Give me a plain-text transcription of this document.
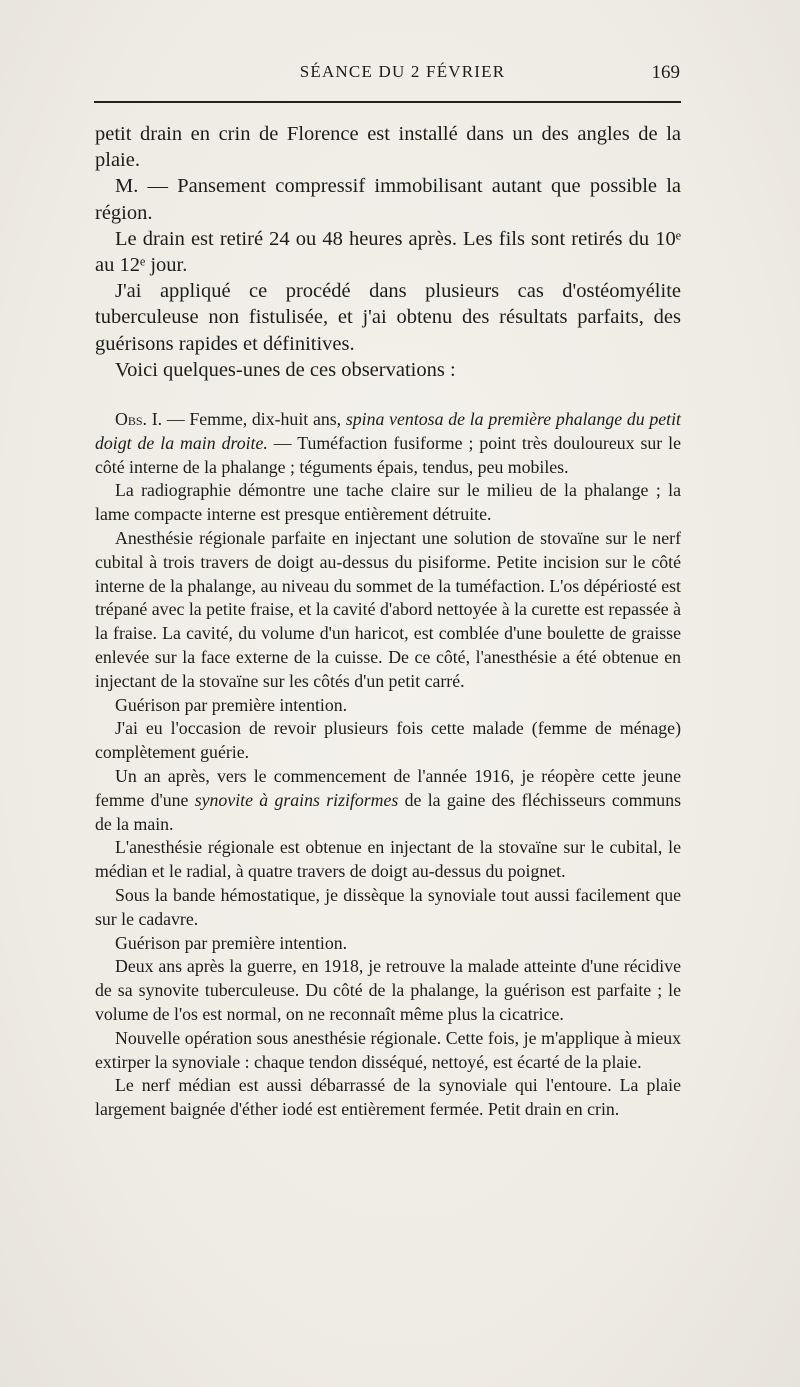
SÉANCE DU 2 FÉVRIER	169

petit drain en crin de Florence est installé dans un des angles de la plaie.

M. — Pansement compressif immobilisant autant que possible la région.

Le drain est retiré 24 ou 48 heures après. Les fils sont retirés du 10ᵉ au 12ᵉ jour.

J'ai appliqué ce procédé dans plusieurs cas d'ostéomyélite tuberculeuse non fistulisée, et j'ai obtenu des résultats parfaits, des guérisons rapides et définitives.

Voici quelques-unes de ces observations :

Obs. I. — Femme, dix-huit ans, spina ventosa de la première phalange du petit doigt de la main droite. — Tuméfaction fusiforme ; point très douloureux sur le côté interne de la phalange ; téguments épais, tendus, peu mobiles.

La radiographie démontre une tache claire sur le milieu de la phalange ; la lame compacte interne est presque entièrement détruite.

Anesthésie régionale parfaite en injectant une solution de stovaïne sur le nerf cubital à trois travers de doigt au-dessus du pisiforme. Petite incision sur le côté interne de la phalange, au niveau du sommet de la tuméfaction. L'os dépériosté est trépané avec la petite fraise, et la cavité d'abord nettoyée à la curette est repassée à la fraise. La cavité, du volume d'un haricot, est comblée d'une boulette de graisse enlevée sur la face externe de la cuisse. De ce côté, l'anesthésie a été obtenue en injectant de la stovaïne sur les côtés d'un petit carré.

Guérison par première intention.

J'ai eu l'occasion de revoir plusieurs fois cette malade (femme de ménage) complètement guérie.

Un an après, vers le commencement de l'année 1916, je réopère cette jeune femme d'une synovite à grains riziformes de la gaine des fléchisseurs communs de la main.

L'anesthésie régionale est obtenue en injectant de la stovaïne sur le cubital, le médian et le radial, à quatre travers de doigt au-dessus du poignet.

Sous la bande hémostatique, je dissèque la synoviale tout aussi facilement que sur le cadavre.

Guérison par première intention.

Deux ans après la guerre, en 1918, je retrouve la malade atteinte d'une récidive de sa synovite tuberculeuse. Du côté de la phalange, la guérison est parfaite ; le volume de l'os est normal, on ne reconnaît même plus la cicatrice.

Nouvelle opération sous anesthésie régionale. Cette fois, je m'applique à mieux extirper la synoviale : chaque tendon disséqué, nettoyé, est écarté de la plaie.

Le nerf médian est aussi débarrassé de la synoviale qui l'entoure. La plaie largement baignée d'éther iodé est entièrement fermée. Petit drain en crin.
